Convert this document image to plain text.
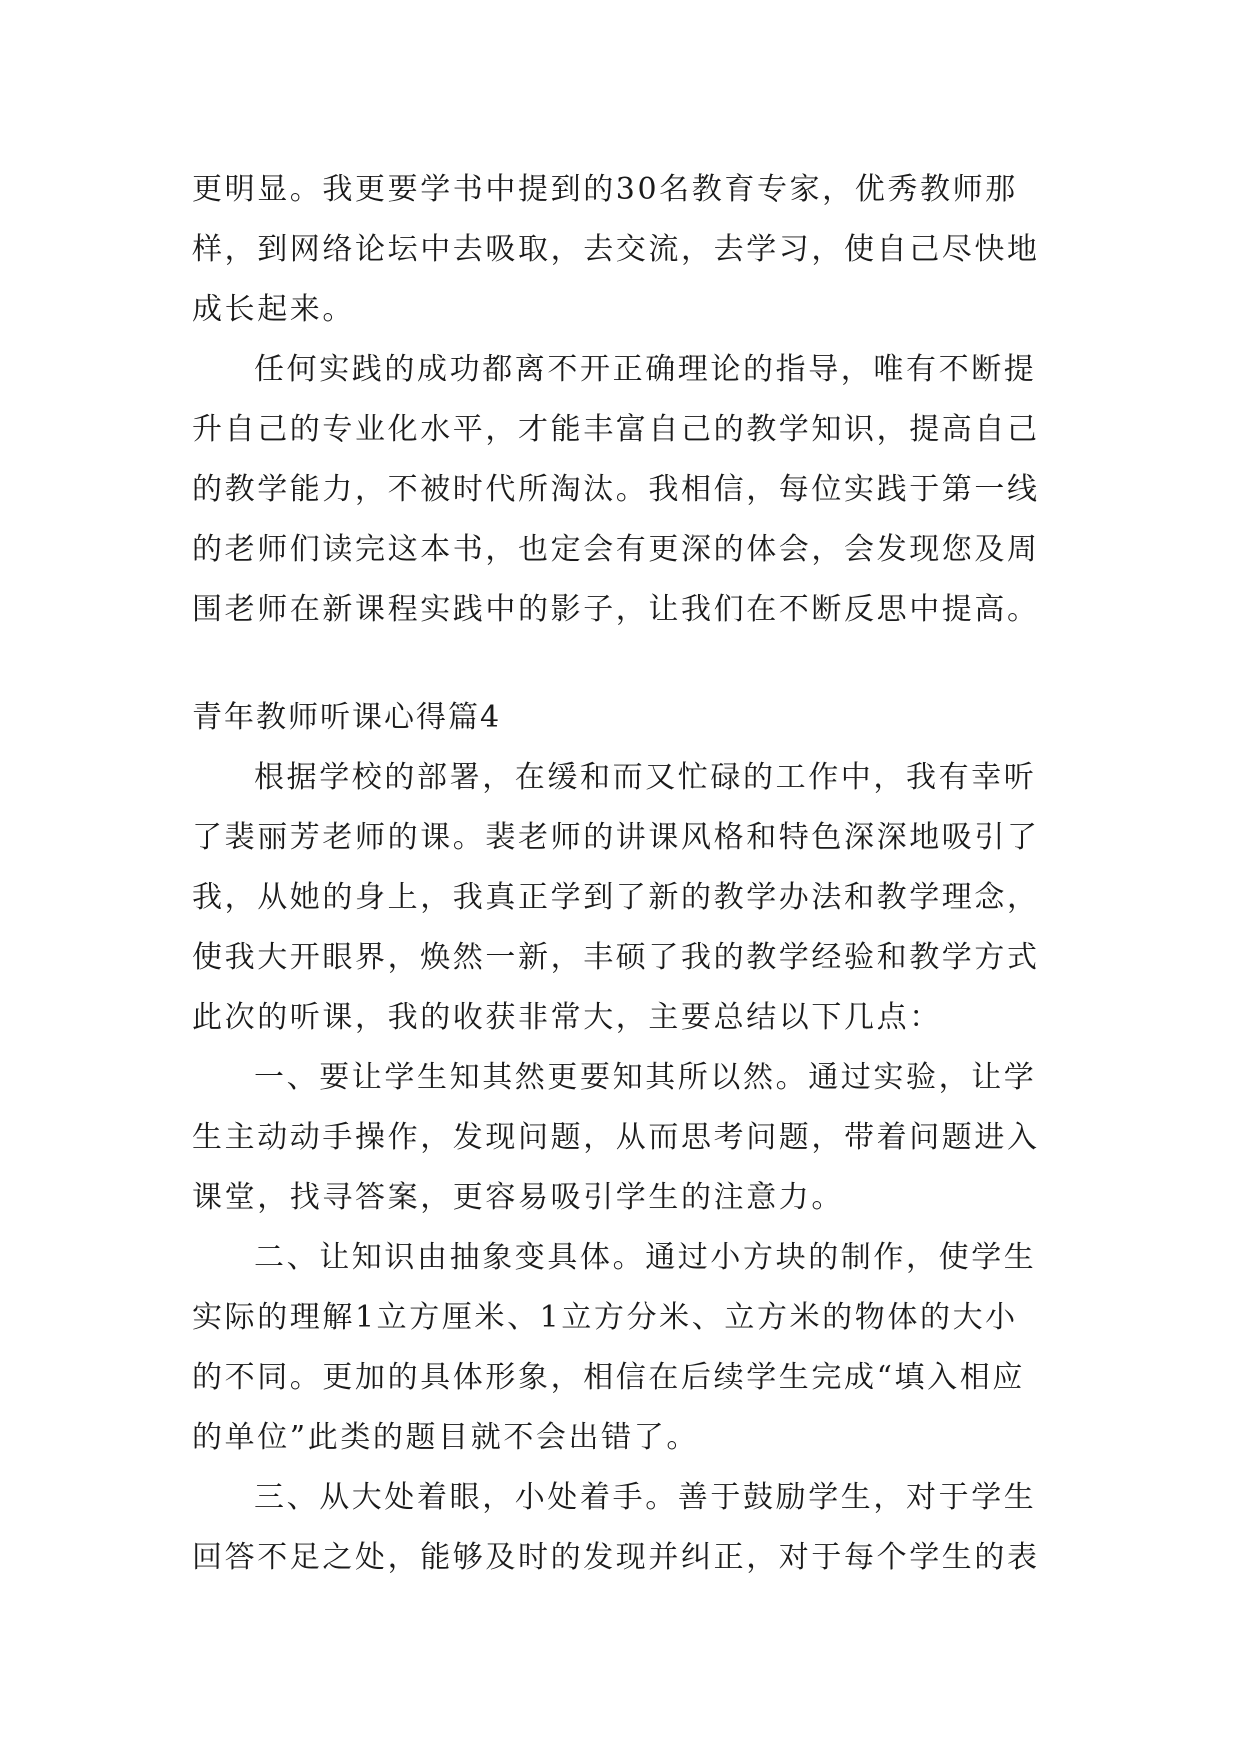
更明显。我更要学书中提到的30名教育专家，优秀教师那
样，到网络论坛中去吸取，去交流，去学习，使自己尽快地
成长起来。
任何实践的成功都离不开正确理论的指导，唯有不断提
升自己的专业化水平，才能丰富自己的教学知识，提高自己
的教学能力，不被时代所淘汰。我相信，每位实践于第一线
的老师们读完这本书，也定会有更深的体会，会发现您及周
围老师在新课程实践中的影子，让我们在不断反思中提高。
青年教师听课心得篇4
根据学校的部署，在缓和而又忙碌的工作中，我有幸听
了裴丽芳老师的课。裴老师的讲课风格和特色深深地吸引了
我，从她的身上，我真正学到了新的教学办法和教学理念，
使我大开眼界，焕然一新，丰硕了我的教学经验和教学方式
此次的听课，我的收获非常大，主要总结以下几点：
一、要让学生知其然更要知其所以然。通过实验，让学
生主动动手操作，发现问题，从而思考问题，带着问题进入
课堂，找寻答案，更容易吸引学生的注意力。
二、让知识由抽象变具体。通过小方块的制作，使学生
实际的理解1立方厘米、1立方分米、立方米的物体的大小
的不同。更加的具体形象，相信在后续学生完成“填入相应
的单位”此类的题目就不会出错了。
三、从大处着眼，小处着手。善于鼓励学生，对于学生
回答不足之处，能够及时的发现并纠正，对于每个学生的表
